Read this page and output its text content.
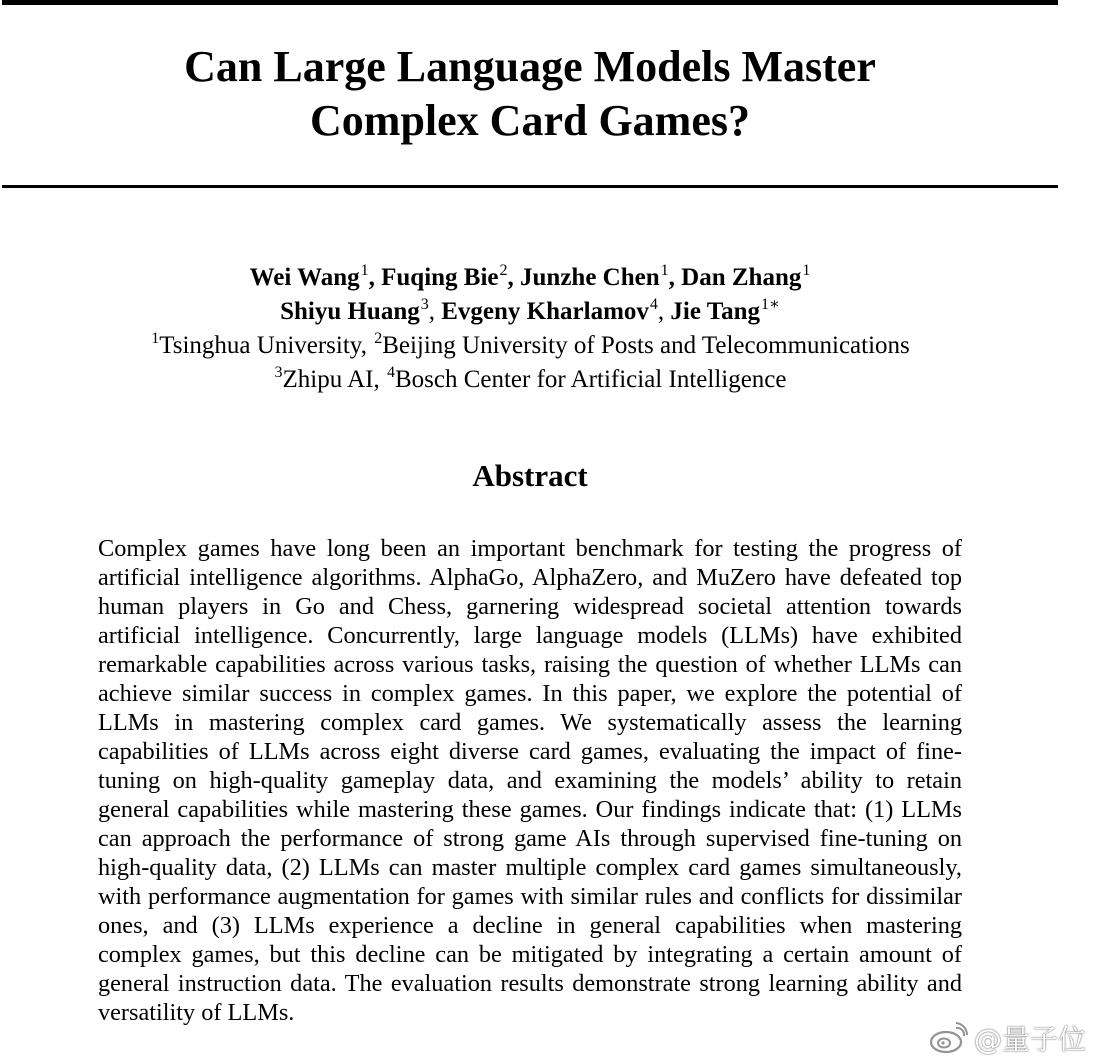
Can Large Language Models Master
Complex Card Games?
Wei Wang$^1$, Fuqing Bie$^2$, Junzhe Chen$^1$, Dan Zhang$^1$
Shiyu Huang$^3$, Evgeny Kharlamov$^4$, Jie Tang$^{1∗}$
$^1$Tsinghua University, $^2$Beijing University of Posts and Telecommunications
$^3$Zhipu AI, $^4$Bosch Center for Artificial Intelligence
Abstract

Complex games have long been an important benchmark for testing the progress of artificial intelligence algorithms. AlphaGo, AlphaZero, and MuZero have defeated top human players in Go and Chess, garnering widespread societal attention towards artificial intelligence. Concurrently, large language models (LLMs) have exhibited remarkable capabilities across various tasks, raising the question of whether LLMs can achieve similar success in complex games. In this paper, we explore the potential of LLMs in mastering complex card games. We systematically assess the learning capabilities of LLMs across eight diverse card games, evaluating the impact of fine-tuning on high-quality gameplay data, and examining the models’ ability to retain general capabilities while mastering these games. Our findings indicate that: (1) LLMs can approach the performance of strong game AIs through supervised fine-tuning on high-quality data, (2) LLMs can master multiple complex card games simultaneously, with performance augmentation for games with similar rules and conflicts for dissimilar ones, and (3) LLMs experience a decline in general capabilities when mastering complex games, but this decline can be mitigated by integrating a certain amount of general instruction data. The evaluation results demonstrate strong learning ability and versatility of LLMs.

@量子位
